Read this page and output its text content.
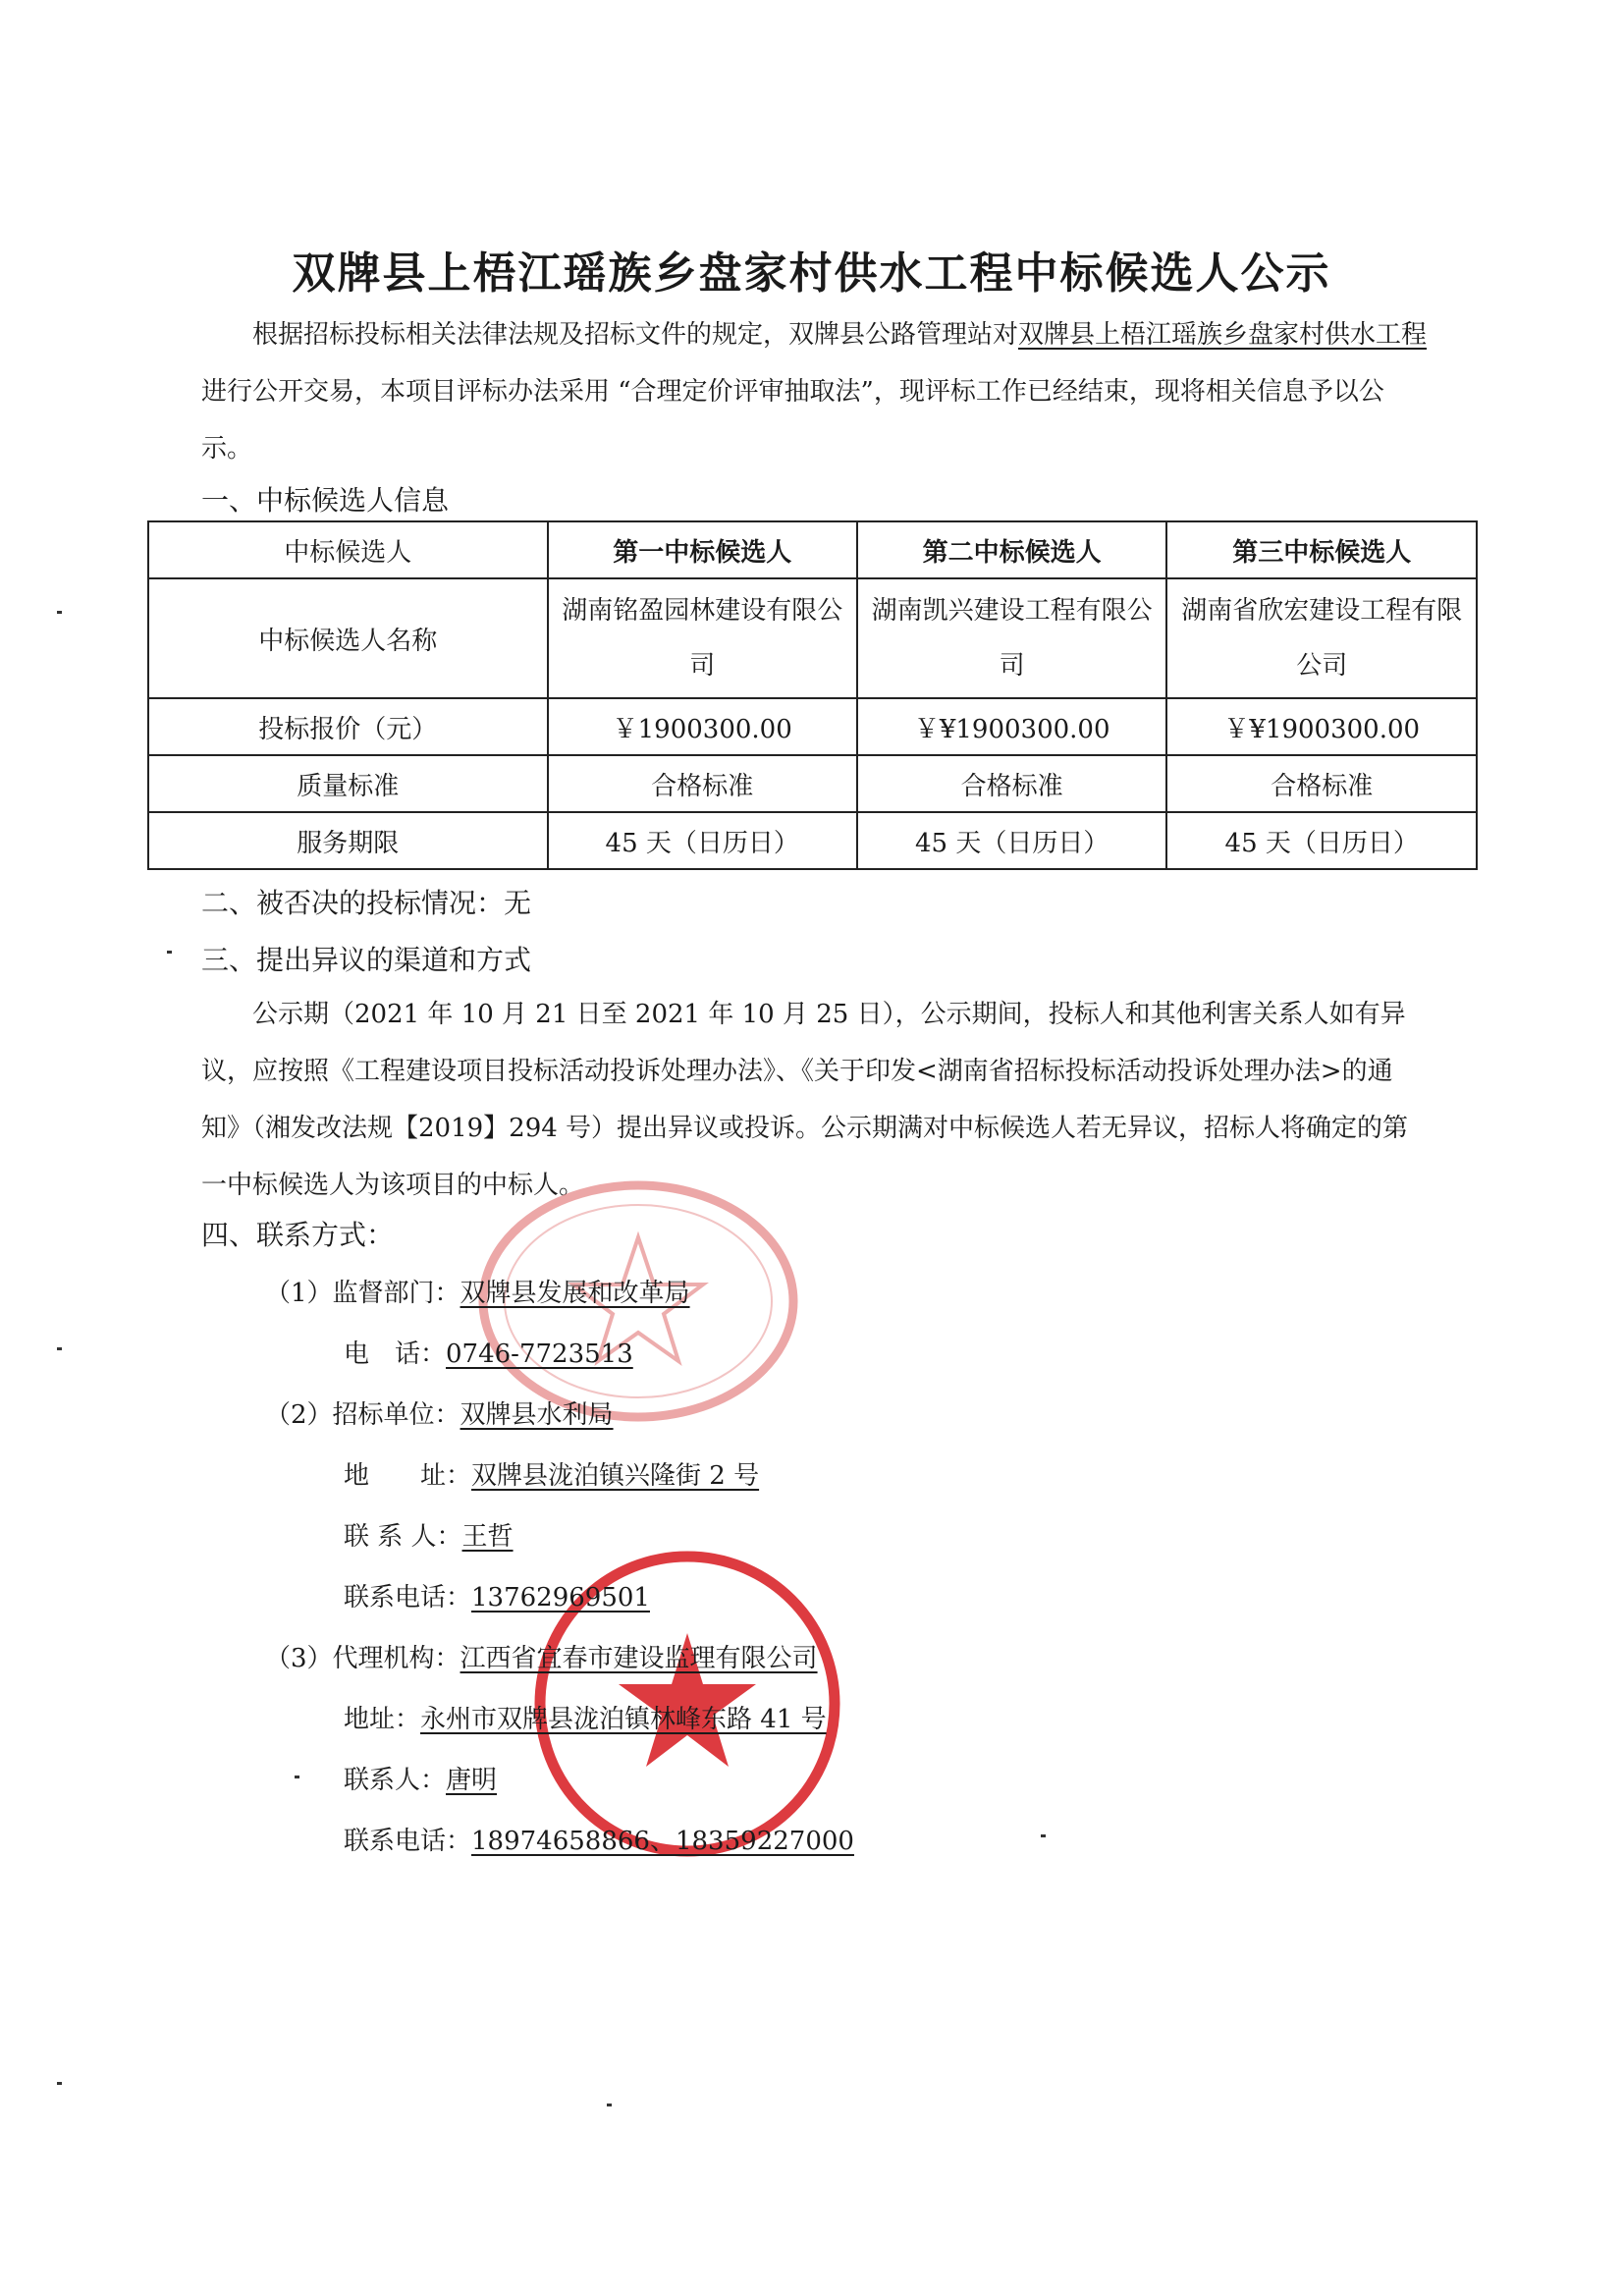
双牌县上梧江瑶族乡盘家村供水工程中标候选人公示
根据招标投标相关法律法规及招标文件的规定，双牌县公路管理站对双牌县上梧江瑶族乡盘家村供水工程进行公开交易，本项目评标办法采用 “合理定价评审抽取法”，现评标工作已经结束，现将相关信息予以公示。
一、中标候选人信息
中标候选人	第一中标候选人	第二中标候选人	第三中标候选人
中标候选人名称	湖南铭盈园林建设有限公司	湖南凯兴建设工程有限公司	湖南省欣宏建设工程有限公司
投标报价（元）	￥1900300.00	￥¥1900300.00	￥¥1900300.00
质量标准	合格标准	合格标准	合格标准
服务期限	45 天（日历日）	45 天（日历日）	45 天（日历日）
二、被否决的投标情况：无
三、提出异议的渠道和方式
公示期（2021 年 10 月 21 日至 2021 年 10 月 25 日），公示期间，投标人和其他利害关系人如有异议，应按照《工程建设项目投标活动投诉处理办法》、《关于印发<湖南省招标投标活动投诉处理办法>的通知》（湘发改法规【2019】294 号）提出异议或投诉。公示期满对中标候选人若无异议，招标人将确定的第一中标候选人为该项目的中标人。
四、联系方式：
（1）监督部门：双牌县发展和改革局
电　话：0746-7723513
（2）招标单位：双牌县水利局
地　　址：双牌县泷泊镇兴隆街 2 号
联 系 人：王哲
联系电话：13762969501
（3）代理机构：江西省宜春市建设监理有限公司
地址：永州市双牌县泷泊镇林峰东路 41 号
联系人：唐明
联系电话：18974658866、18359227000
